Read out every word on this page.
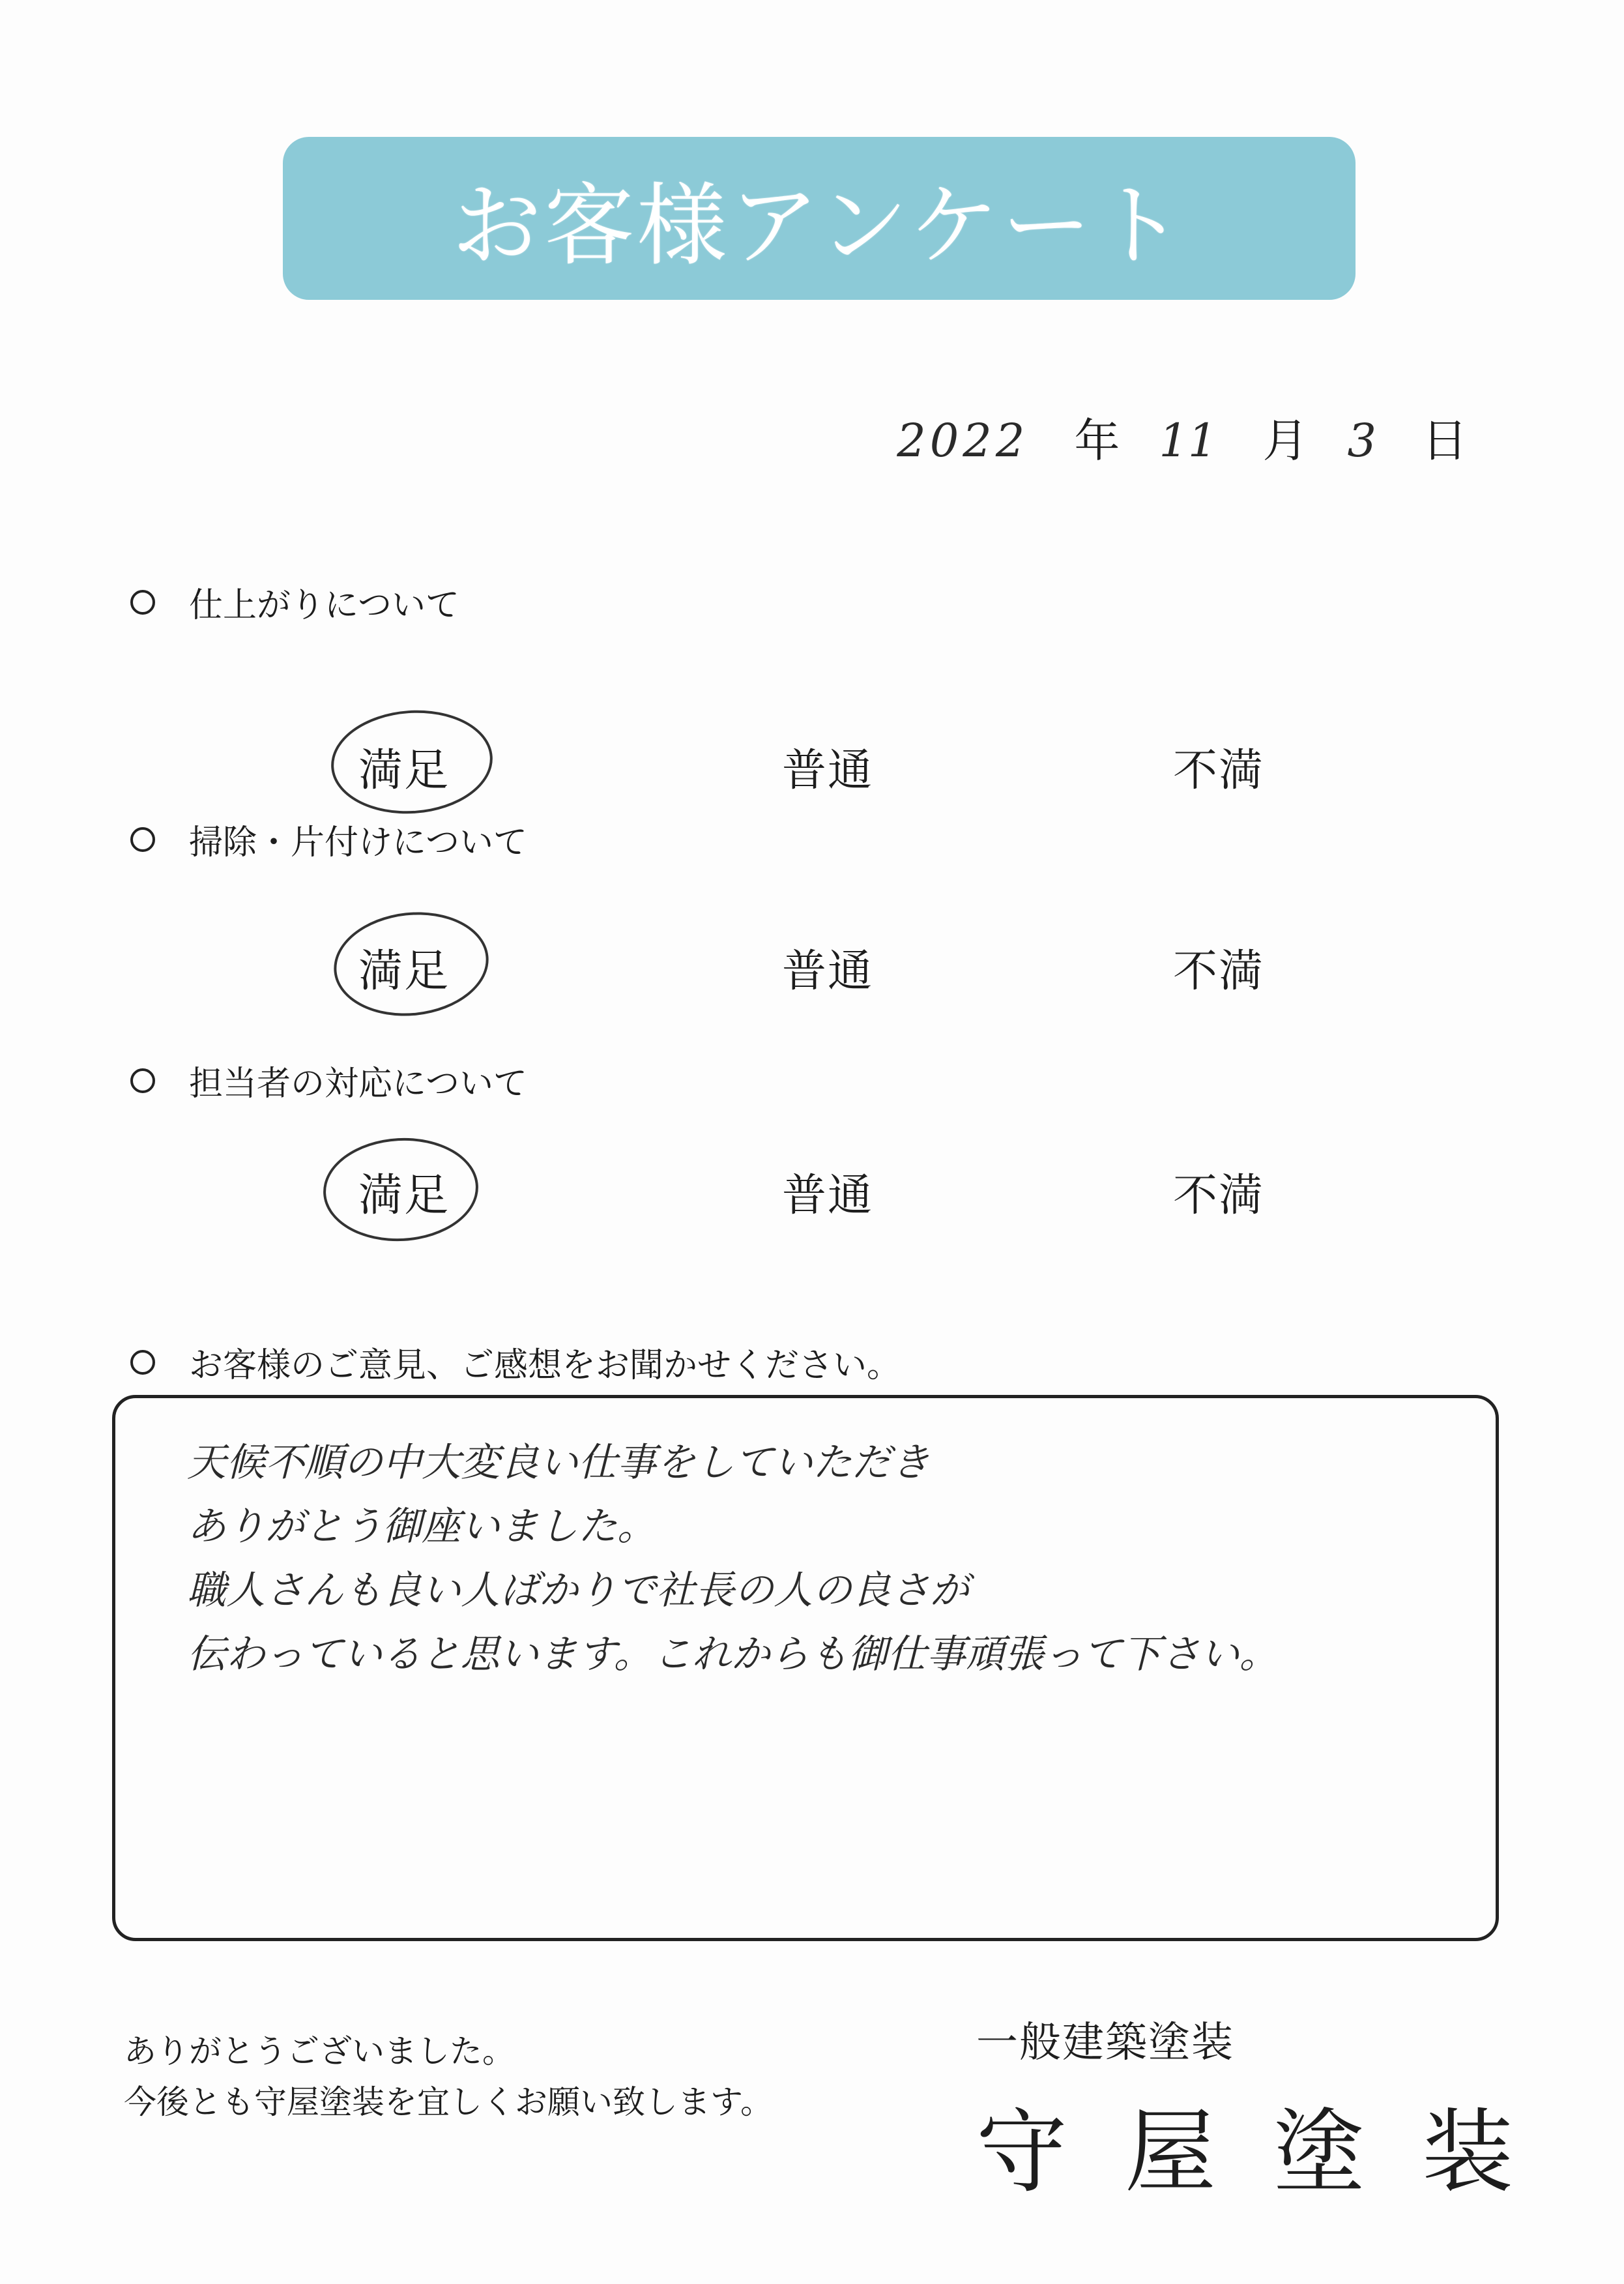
お客様アンケート
2022 年 11 月 3 日
仕上がりについて
満足	普通	不満
掃除・片付けについて
満足	普通	不満
担当者の対応について
満足	普通	不満
お客様のご意見、ご感想をお聞かせください。
天候不順の中大変良い仕事をしていただき
ありがとう御座いました。
職人さんも良い人ばかりで社長の人の良さが
伝わっていると思います。これからも御仕事頑張って下さい。
ありがとうございました。
今後とも守屋塗装を宜しくお願い致します。
一般建築塗装
守屋塗装
